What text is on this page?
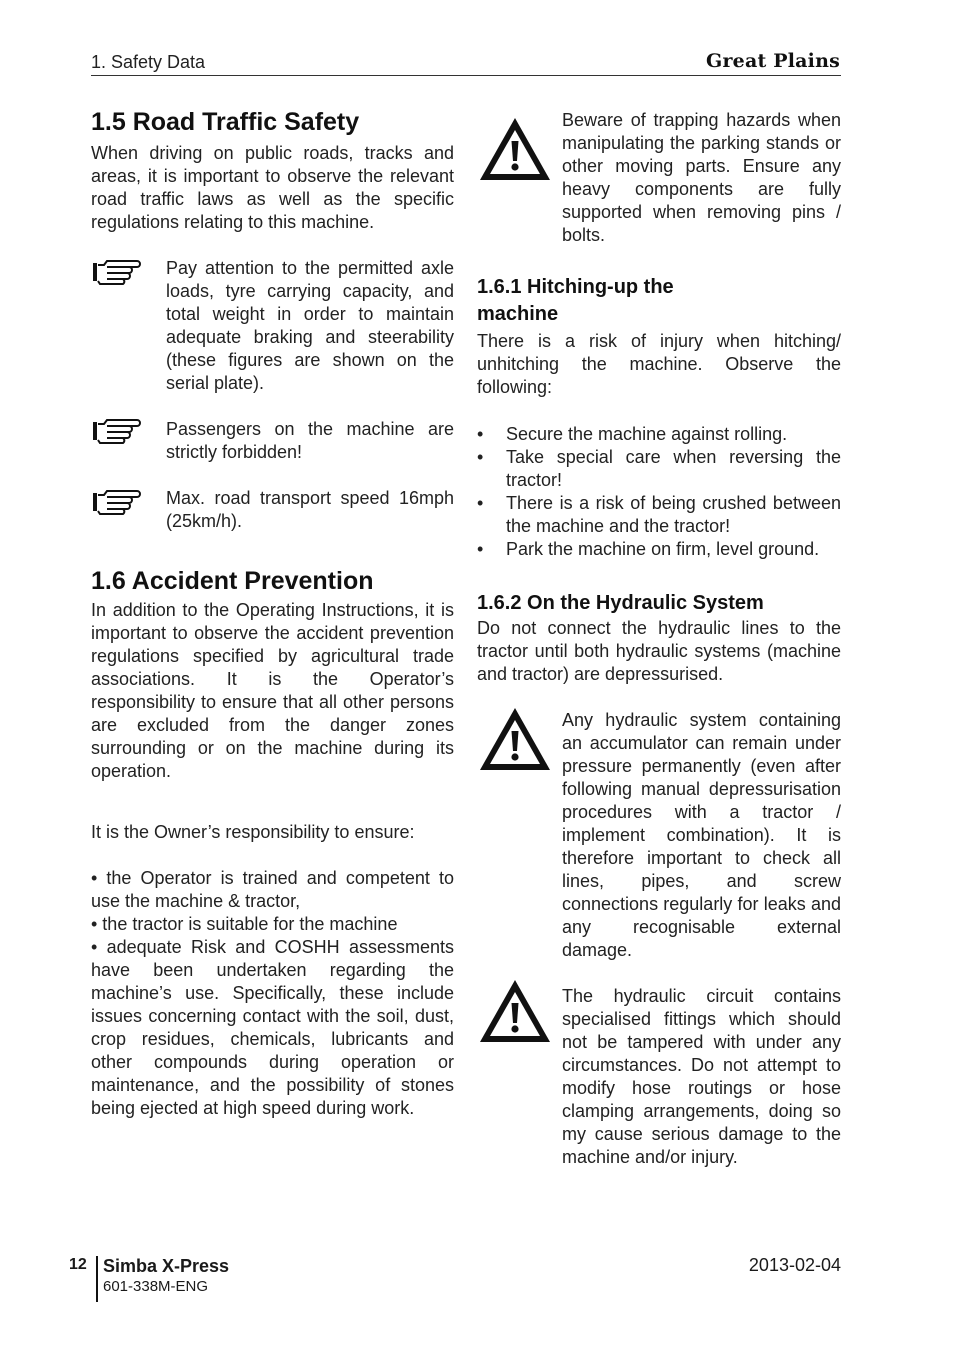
1. Safety Data	Great Plains
1.5 Road Traffic Safety

When driving on public roads, tracks and areas, it is important to observe the relevant road traffic laws as well as the specific regulations relating to this machine.

Pay attention to the permitted axle loads, tyre carrying capacity, and total weight in order to maintain adequate braking and steerability (these figures are shown on the serial plate).
Passengers on the machine are strictly forbidden!
Max. road transport speed 16mph (25km/h).
1.6 Accident Prevention

In addition to the Operating Instructions, it is important to observe the accident prevention regulations specified by agricultural trade associations. It is the Operator’s responsibility to ensure that all other persons are excluded from the danger zones surrounding or on the machine during its operation.

It is the Owner’s responsibility to ensure:

• the Operator is trained and competent to use the machine & tractor,

• the tractor is suitable for the machine

• adequate Risk and COSHH assessments have been undertaken regarding the machine’s use. Specifically, these include issues concerning contact with the soil, dust, crop residues, chemicals, lubricants and other compounds during operation or maintenance, and the possibility of stones being ejected at high speed during work.

Beware of trapping hazards when manipulating the parking stands or other moving parts. Ensure any heavy components are fully supported when removing pins / bolts.
1.6.1 Hitching-up the machine

There is a risk of injury when hitching/ unhitching the machine. Observe the following:

• Secure the machine against rolling.
• Take special care when reversing the tractor!
• There is a risk of being crushed between the machine and the tractor!
• Park the machine on firm, level ground.
1.6.2 On the Hydraulic System

Do not connect the hydraulic lines to the tractor until both hydraulic systems (machine and tractor) are depressurised.

Any hydraulic system containing an accumulator can remain under pressure permanently (even after following manual depressurisation procedures with a tractor / implement combination). It is therefore important to check all lines, pipes, and screw connections regularly for leaks and any recognisable external damage.
The hydraulic circuit contains specialised fittings which should not be tampered with under any circumstances. Do not attempt to modify hose routings or hose clamping arrangements, doing so my cause serious damage to the machine and/or injury.
12 Simba X-Press
601-338M-ENG
2013-02-04
